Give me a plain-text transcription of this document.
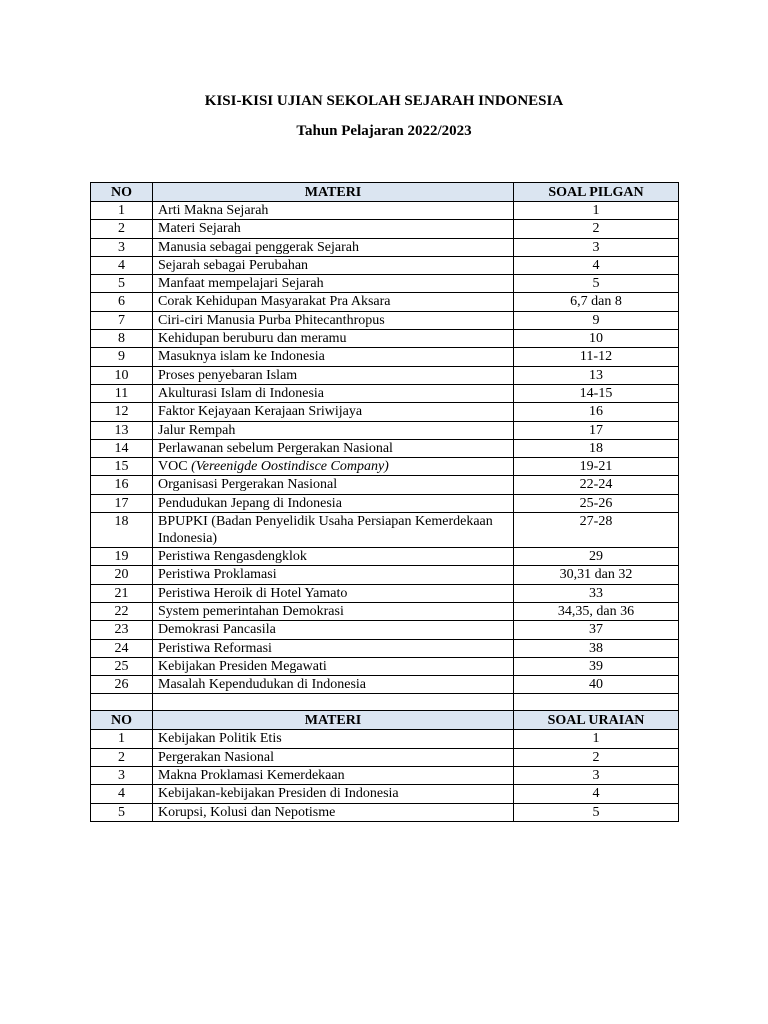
KISI-KISI UJIAN SEKOLAH SEJARAH INDONESIA
Tahun Pelajaran 2022/2023
NO	MATERI	SOAL PILGAN
1	Arti Makna Sejarah	1
2	Materi Sejarah	2
3	Manusia sebagai penggerak Sejarah	3
4	Sejarah sebagai Perubahan	4
5	Manfaat mempelajari Sejarah	5
6	Corak Kehidupan Masyarakat Pra Aksara	6,7 dan 8
7	Ciri-ciri Manusia Purba Phitecanthropus	9
8	Kehidupan beruburu dan meramu	10
9	Masuknya islam ke Indonesia	11-12
10	Proses penyebaran Islam	13
11	Akulturasi Islam di Indonesia	14-15
12	Faktor Kejayaan Kerajaan Sriwijaya	16
13	Jalur Rempah	17
14	Perlawanan sebelum Pergerakan Nasional	18
15	VOC (Vereenigde Oostindisce Company)	19-21
16	Organisasi Pergerakan Nasional	22-24
17	Pendudukan Jepang di Indonesia	25-26
18	BPUPKI (Badan Penyelidik Usaha Persiapan Kemerdekaan Indonesia)	27-28
19	Peristiwa Rengasdengklok	29
20	Peristiwa Proklamasi	30,31 dan 32
21	Peristiwa Heroik di Hotel Yamato	33
22	System pemerintahan Demokrasi	34,35, dan 36
23	Demokrasi Pancasila	37
24	Peristiwa Reformasi	38
25	Kebijakan Presiden Megawati	39
26	Masalah Kependudukan di Indonesia	40

NO	MATERI	SOAL URAIAN
1	Kebijakan Politik Etis	1
2	Pergerakan Nasional	2
3	Makna Proklamasi Kemerdekaan	3
4	Kebijakan-kebijakan Presiden di Indonesia	4
5	Korupsi, Kolusi dan Nepotisme	5
